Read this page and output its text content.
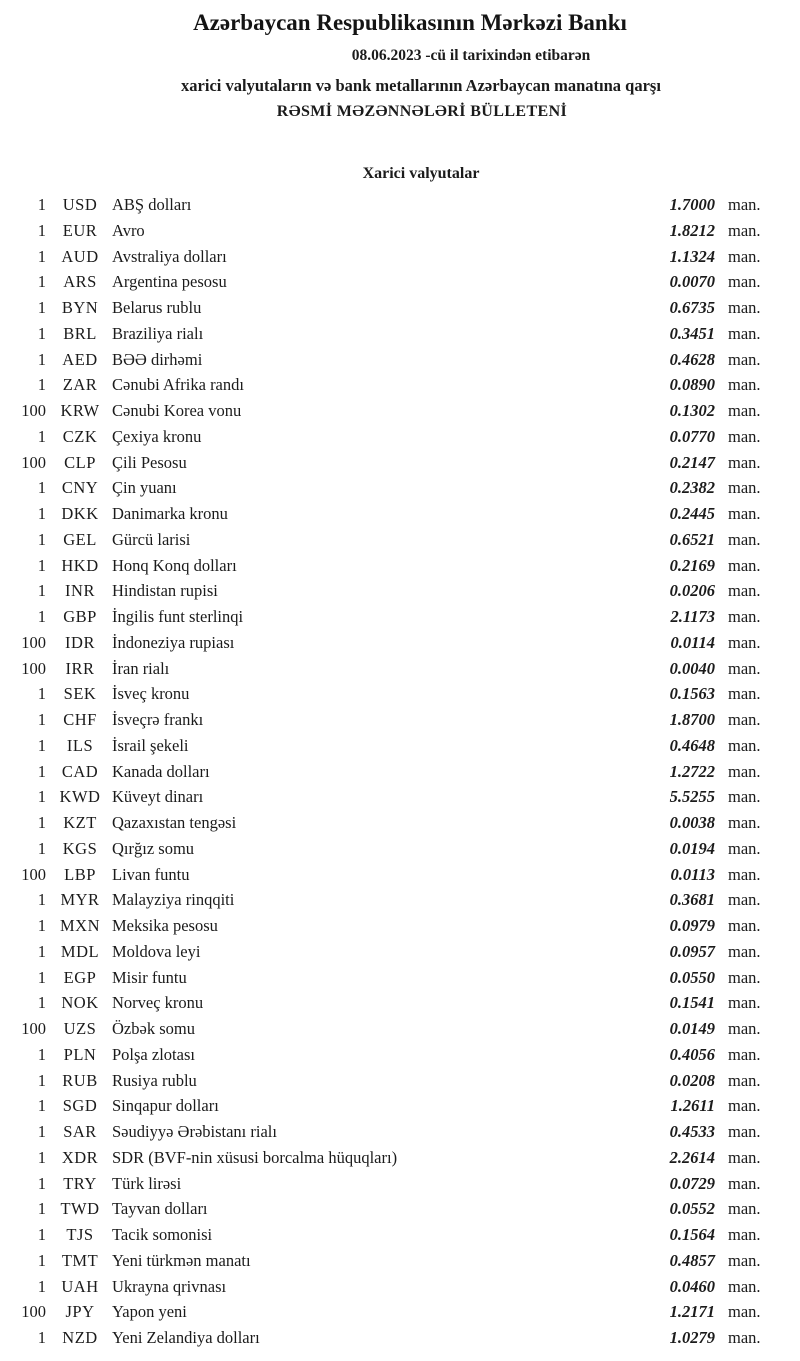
Azərbaycan Respublikasının Mərkəzi Bankı
08.06.2023 -cü il tarixindən etibarən
xarici valyutaların və bank metallarının Azərbaycan manatına qarşı
RƏSMİ MƏZƏNNƏLƏRİ BÜLLETENİ
Xarici valyutalar
1	USD ABŞ dolları	1.7000 man.
1	EUR Avro	1.8212 man.
1 AUD Avstraliya dolları	1.1324 man.
1	ARS Argentina pesosu	0.0070 man.
1 BYN Belarus rublu	0.6735 man.
1	BRL Braziliya rialı	0.3451 man.
1 AED BƏƏ dirhəmi	0.4628 man.
1	ZAR Cənubi Afrika randı	0.0890 man.
100 KRW Cənubi Korea vonu	0.1302 man.
1	CZK Çexiya kronu	0.0770 man.
100	CLP Çili Pesosu	0.2147 man.
1 CNY Çin yuanı	0.2382 man.
1 DKK Danimarka kronu	0.2445 man.
1	GEL Gürcü larisi	0.6521 man.
1 HKD Honq Konq dolları	0.2169 man.
1	INR	Hindistan rupisi	0.0206 man.
1	GBP İngilis funt sterlinqi	2.1173 man.
100	IDR	İndoneziya rupiası	0.0114 man.
100	IRR	İran rialı	0.0040 man.
1	SEK İsveç kronu	0.1563 man.
1	CHF İsveçrə frankı	1.8700 man.
1	ILS	İsrail şekeli	0.4648 man.
1 CAD Kanada dolları	1.2722 man.
1 KWD Küveyt dinarı	5.5255 man.
1	KZT Qazaxıstan tengəsi	0.0038 man.
1	KGS Qırğız somu	0.0194 man.
100	LBP Livan funtu	0.0113 man.
1 MYR Malayziya rinqqiti	0.3681 man.
1 MXN Meksika pesosu	0.0979 man.
1 MDL Moldova leyi	0.0957 man.
1	EGP Misir funtu	0.0550 man.
1 NOK Norveç kronu	0.1541 man.
100	UZS Özbək somu	0.0149 man.
1	PLN Polşa zlotası	0.4056 man.
1 RUB Rusiya rublu	0.0208 man.
1	SGD Sinqapur dolları	1.2611 man.
1	SAR Səudiyyə Ərəbistanı rialı	0.4533 man.
1 XDR SDR (BVF-nin xüsusi borcalma hüquqları)	2.2614 man.
1	TRY Türk lirəsi	0.0729 man.
1 TWD Tayvan dolları	0.0552 man.
1	TJS	Tacik somonisi	0.1564 man.
1 TMT Yeni türkmən manatı	0.4857 man.
1 UAH Ukrayna qrivnası	0.0460 man.
100	JPY	Yapon yeni	1.2171 man.
1 NZD Yeni Zelandiya dolları	1.0279 man.
